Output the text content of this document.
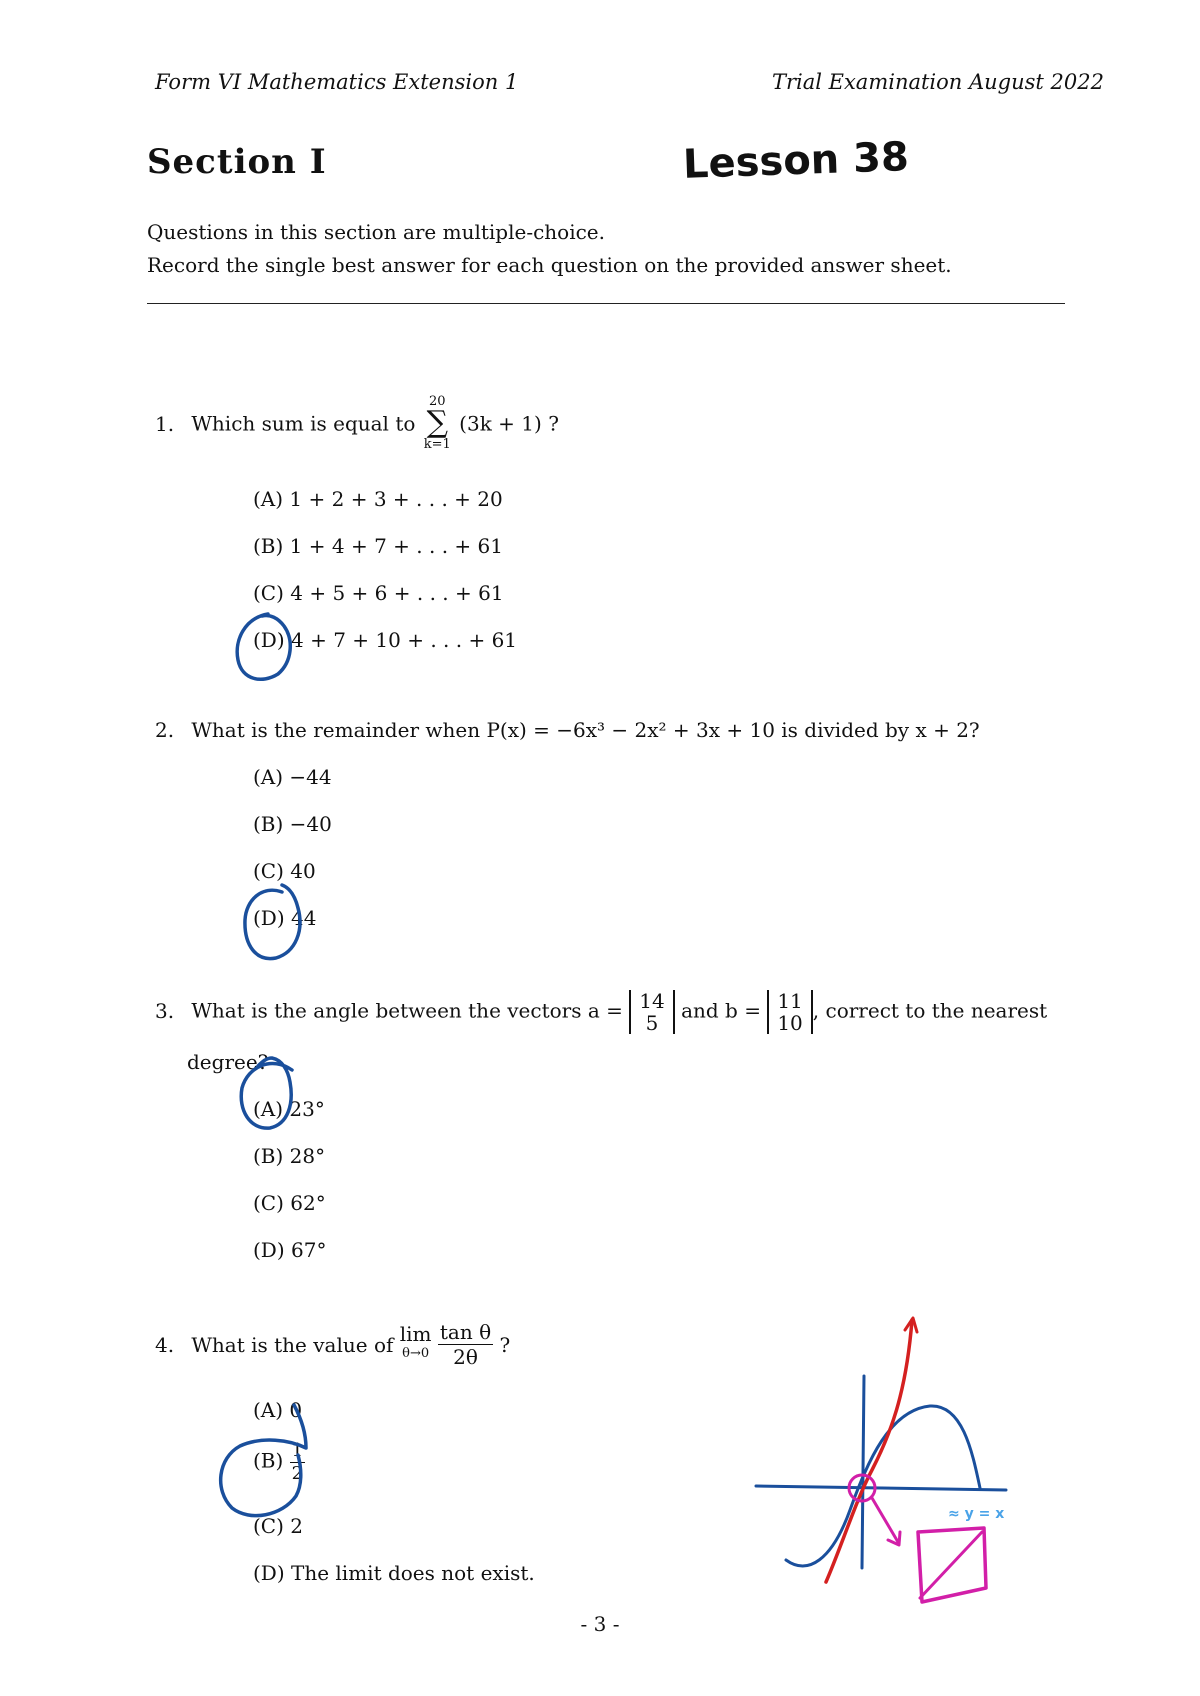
Form VI Mathematics Extension 1	Trial Examination August 2022
Section I	Lesson 38
Questions in this section are multiple-choice.
Record the single best answer for each question on the provided answer sheet.
1. Which sum is equal to
20
∑
k=1
(3k + 1) ?
(A) 1 + 2 + 3 + . . . + 20
(B) 1 + 4 + 7 + . . . + 61
(C) 4 + 5 + 6 + . . . + 61
(D) 4 + 7 + 10 + . . . + 61
2. What is the remainder when P(x) = −6x³ − 2x² + 3x + 10 is divided by x + 2?
(A) −44
(B) −40
(C) 40
(D) 44
3. What is the angle between the vectors a = 14
5
and b = 11
10
, correct to the nearest
degree?
(A) 23°
(B) 28°
(C) 62°
(D) 67°
4. What is the value of lim
θ→0
$\frac{\text{tan θ}}{2\theta}$ ?
(A) 0
$(B) \frac{1}{2}$
(C) 2
(D) The limit does not exist.
≈ y = x
- 3 -
